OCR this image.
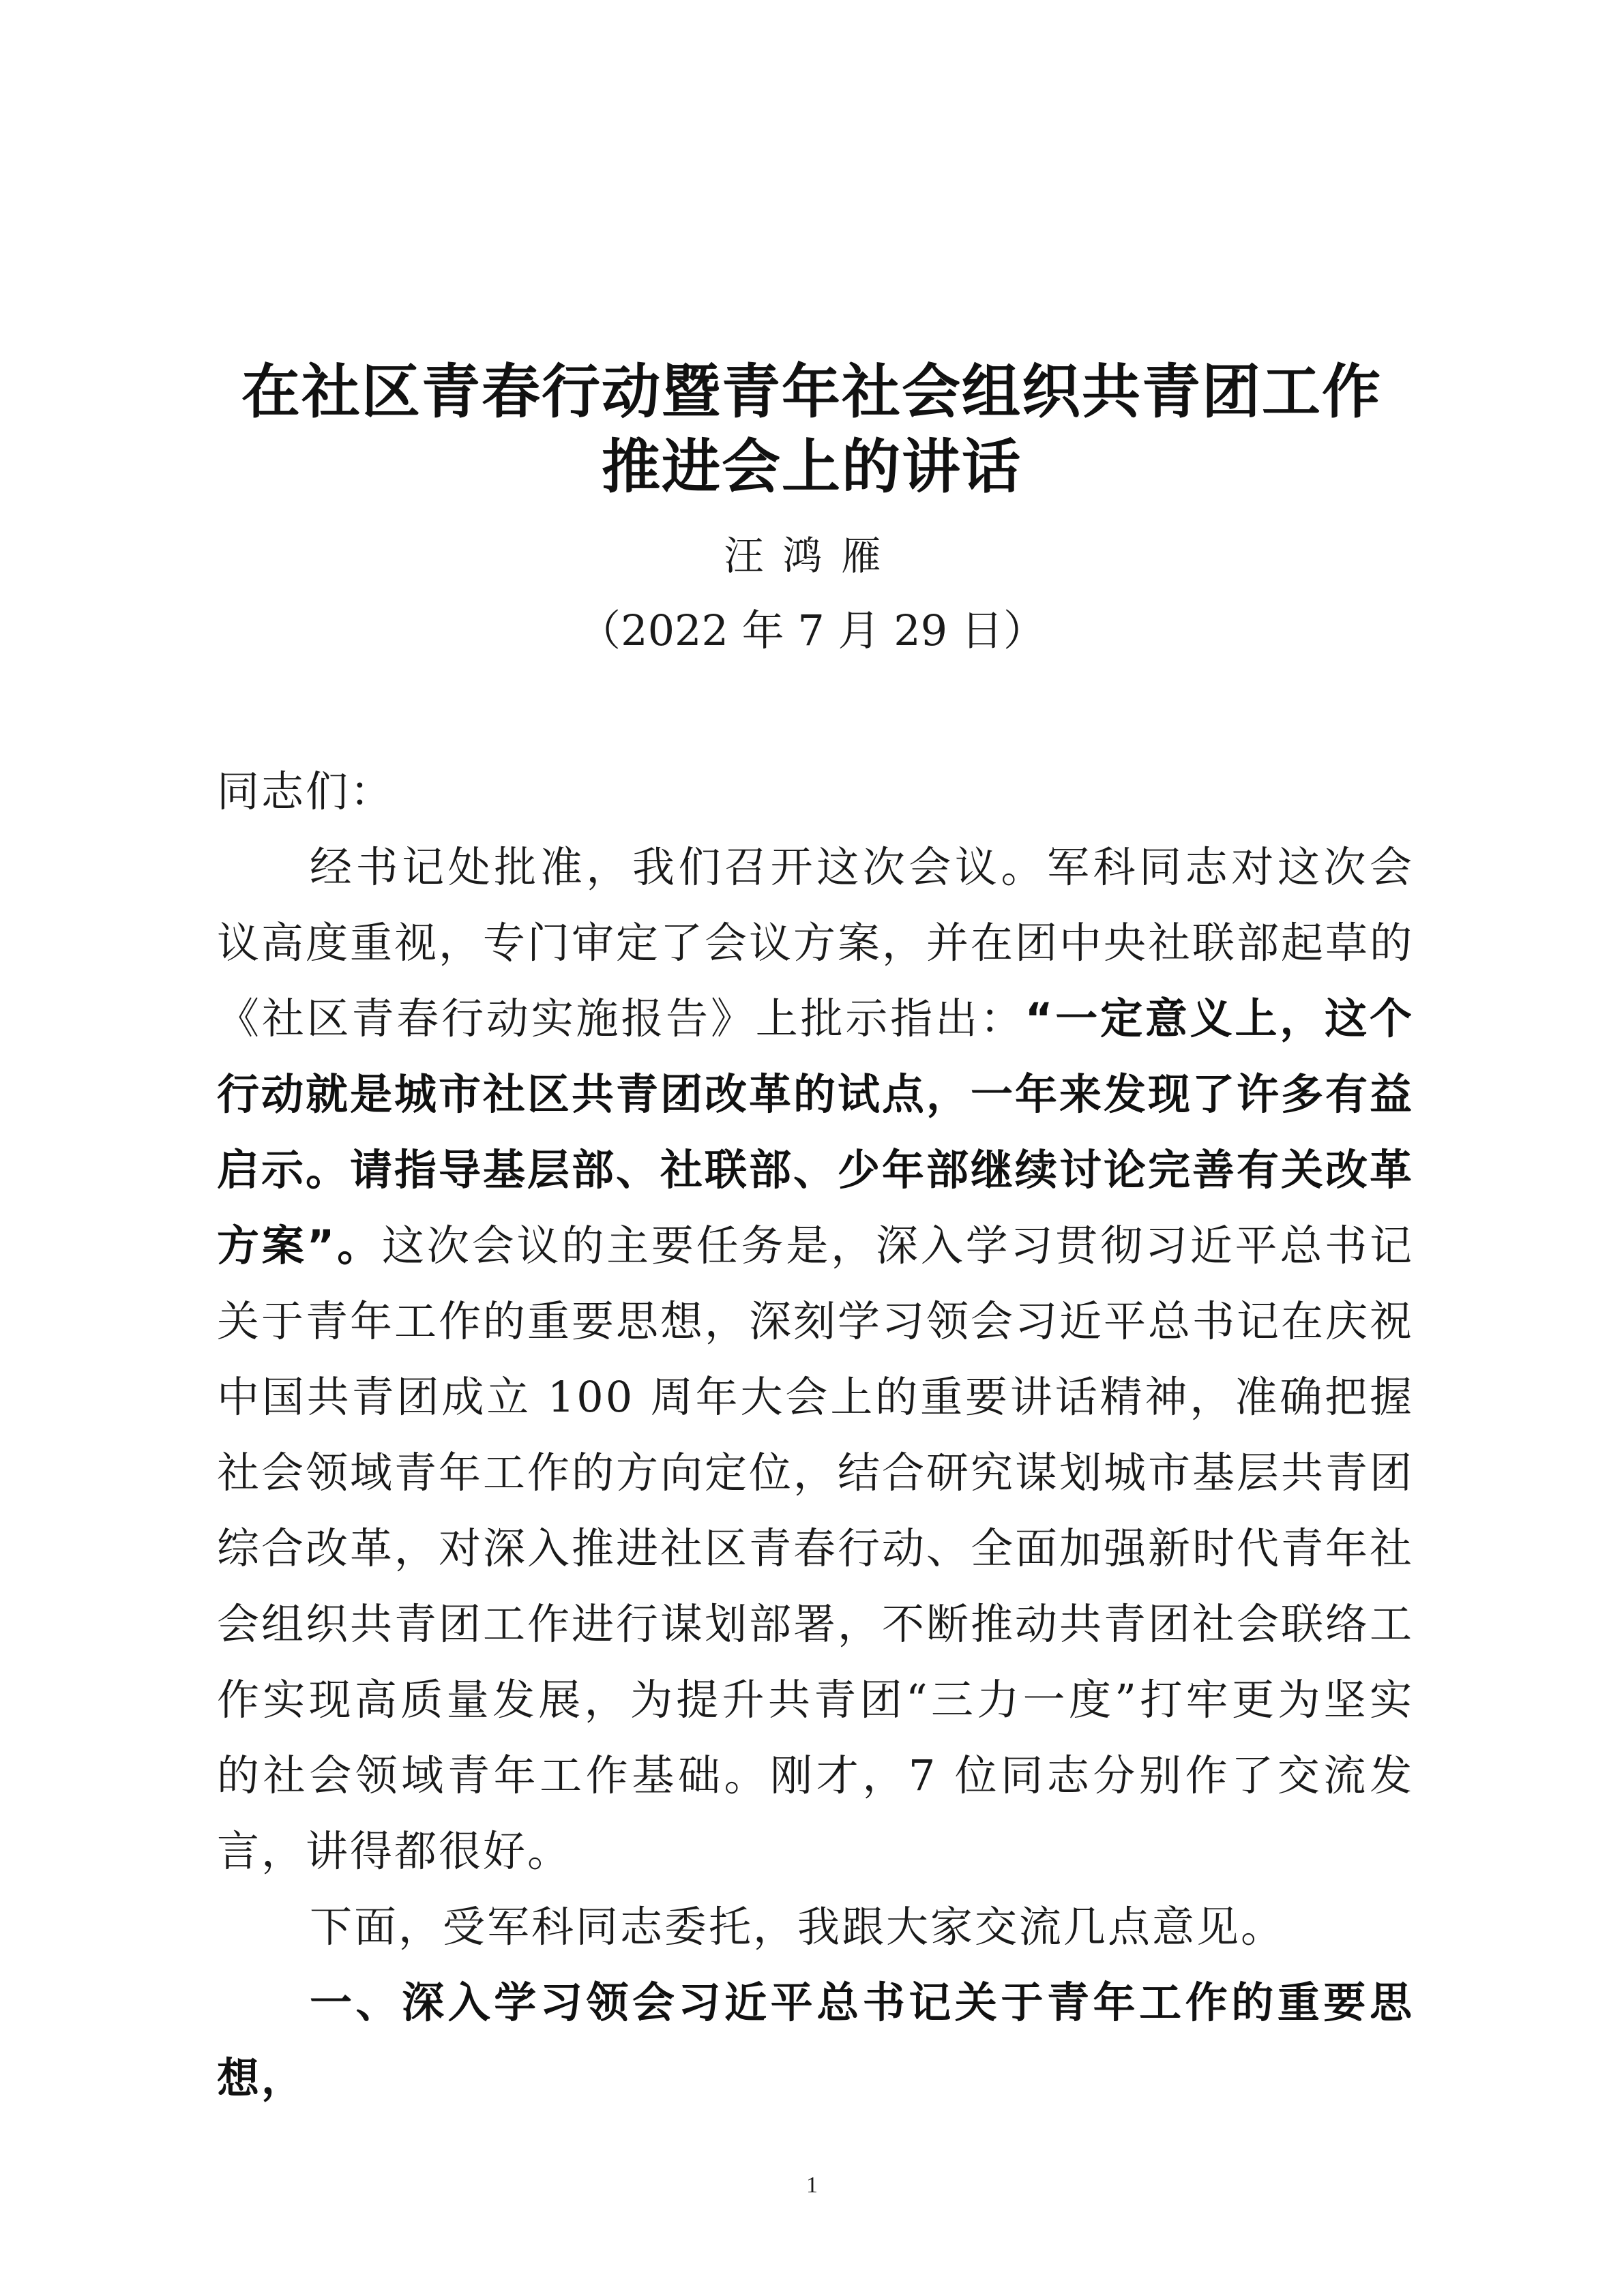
在社区青春行动暨青年社会组织共青团工作
推进会上的讲话
汪鸿雁
（2022 年 7 月 29 日）

同志们：

经书记处批准，我们召开这次会议。军科同志对这次会议高度重视，专门审定了会议方案，并在团中央社联部起草的《社区青春行动实施报告》上批示指出：“一定意义上，这个行动就是城市社区共青团改革的试点，一年来发现了许多有益启示。请指导基层部、社联部、少年部继续讨论完善有关改革方案”。这次会议的主要任务是，深入学习贯彻习近平总书记关于青年工作的重要思想，深刻学习领会习近平总书记在庆祝中国共青团成立 100 周年大会上的重要讲话精神，准确把握社会领域青年工作的方向定位，结合研究谋划城市基层共青团综合改革，对深入推进社区青春行动、全面加强新时代青年社会组织共青团工作进行谋划部署，不断推动共青团社会联络工作实现高质量发展，为提升共青团“三力一度”打牢更为坚实的社会领域青年工作基础。刚才，7 位同志分别作了交流发言，讲得都很好。

下面，受军科同志委托，我跟大家交流几点意见。

一、深入学习领会习近平总书记关于青年工作的重要思想，

1
